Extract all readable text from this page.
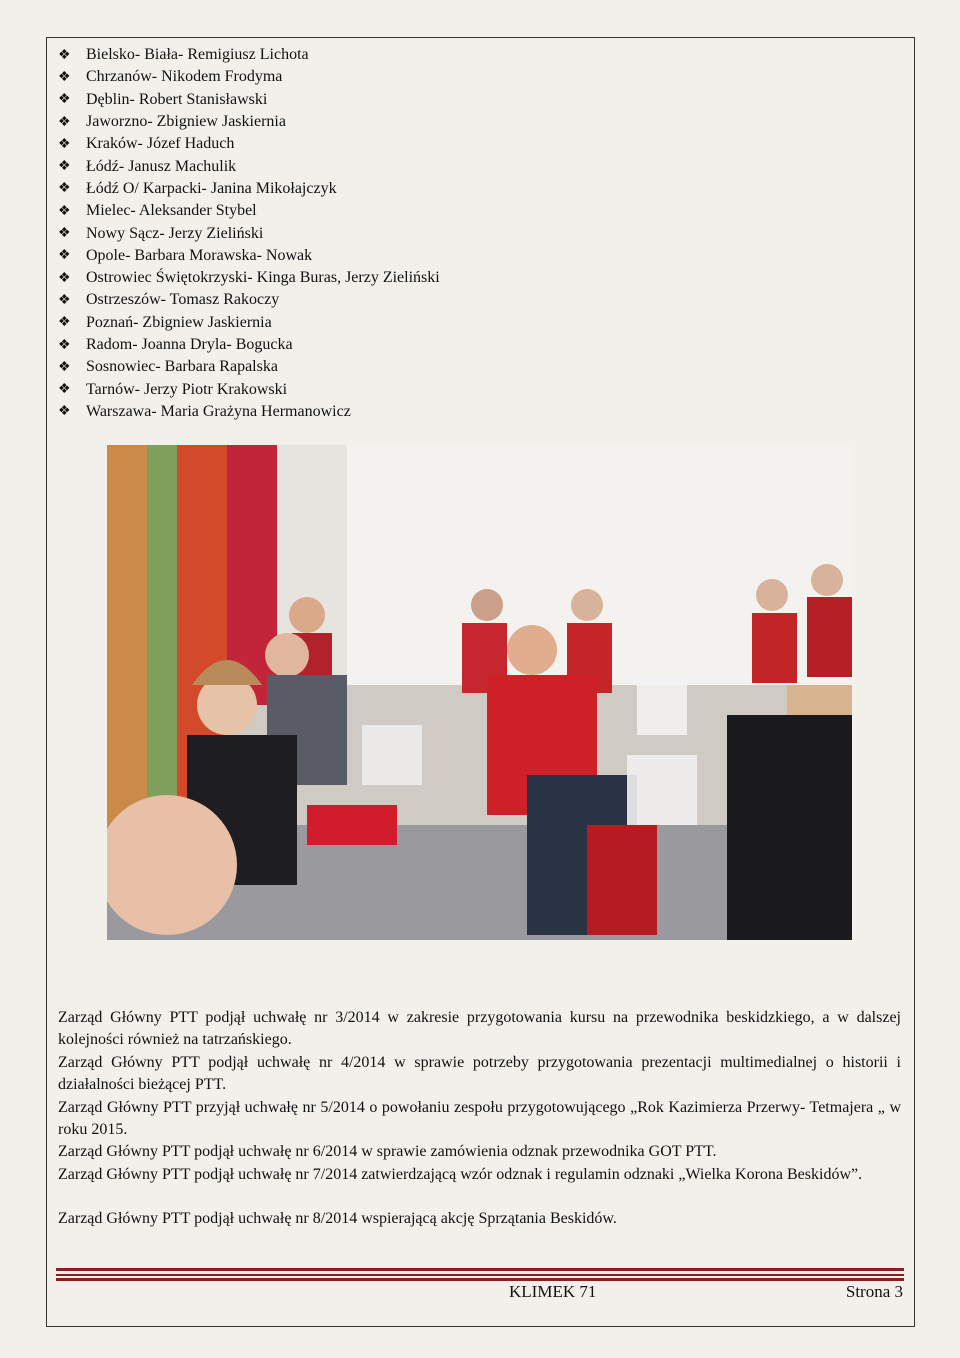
❖ Bielsko- Biała- Remigiusz Lichota
❖ Chrzanów- Nikodem Frodyma
❖ Dęblin- Robert Stanisławski
❖ Jaworzno- Zbigniew Jaskiernia
❖ Kraków- Józef Haduch
❖ Łódź- Janusz Machulik
❖ Łódź O/ Karpacki- Janina Mikołajczyk
❖ Mielec- Aleksander Stybel
❖ Nowy Sącz- Jerzy Zieliński
❖ Opole- Barbara Morawska- Nowak
❖ Ostrowiec Świętokrzyski- Kinga Buras, Jerzy Zieliński
❖ Ostrzeszów- Tomasz Rakoczy
❖ Poznań- Zbigniew Jaskiernia
❖ Radom- Joanna Dryla- Bogucka
❖ Sosnowiec- Barbara Rapalska
❖ Tarnów- Jerzy Piotr Krakowski
❖ Warszawa- Maria Grażyna Hermanowicz

Zarząd Główny PTT podjął uchwałę nr 3/2014 w zakresie przygotowania kursu na przewodnika beskidzkiego, a w dalszej kolejności również na tatrzańskiego.

Zarząd Główny PTT podjął uchwałę nr 4/2014 w sprawie potrzeby przygotowania prezentacji multimedialnej o historii i działalności bieżącej PTT.

Zarząd Główny PTT przyjął uchwałę nr 5/2014 o powołaniu zespołu przygotowującego „Rok Kazimierza Przerwy- Tetmajera „ w roku 2015.

Zarząd Główny PTT podjął uchwałę nr 6/2014 w sprawie zamówienia odznak przewodnika GOT PTT.

Zarząd Główny PTT podjął uchwałę nr 7/2014 zatwierdzającą wzór odznak i regulamin odznaki „Wielka Korona Beskidów”.

Zarząd Główny PTT podjął uchwałę nr 8/2014 wspierającą akcję Sprzątania Beskidów.

KLIMEK 71	Strona 3
